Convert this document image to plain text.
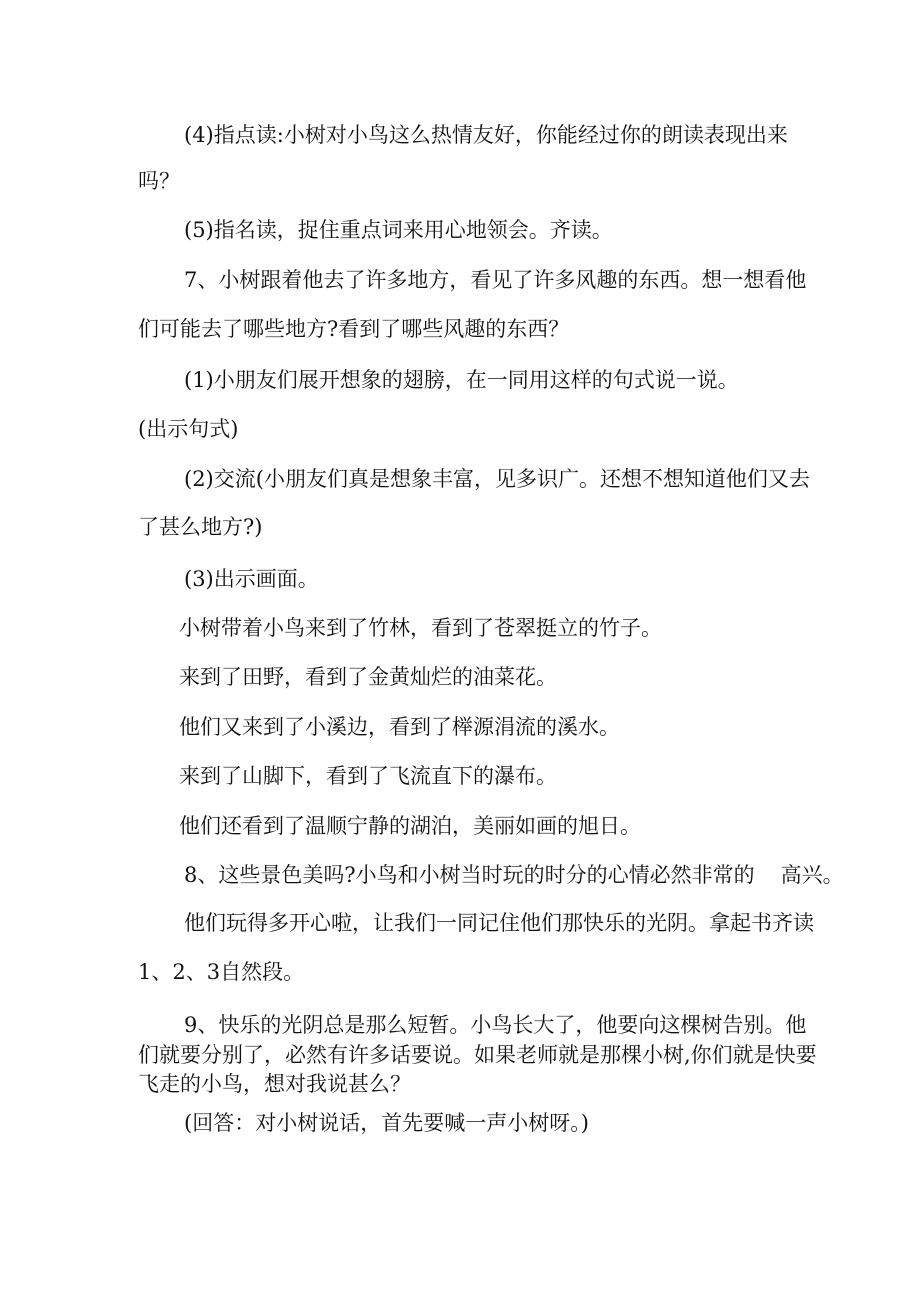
(4)指点读:小树对小鸟这么热情友好，你能经过你的朗读表现出来
吗？
(5)指名读，捉住重点词来用心地领会。齐读。
7、小树跟着他去了许多地方，看见了许多风趣的东西。想一想看他
们可能去了哪些地方?看到了哪些风趣的东西？
(1)小朋友们展开想象的翅膀，在一同用这样的句式说一说。
(出示句式)
(2)交流(小朋友们真是想象丰富，见多识广。还想不想知道他们又去
了甚么地方?)
(3)出示画面。
小树带着小鸟来到了竹林，看到了苍翠挺立的竹子。
来到了田野，看到了金黄灿烂的油菜花。
他们又来到了小溪边，看到了榉源涓流的溪水。
来到了山脚下，看到了飞流直下的瀑布。
他们还看到了温顺宁静的湖泊，美丽如画的旭日。
8、这些景色美吗?小鸟和小树当时玩的时分的心情必然非常的 高兴。
他们玩得多开心啦，让我们一同记住他们那快乐的光阴。拿起书齐读
1、2、3自然段。
9、快乐的光阴总是那么短暂。小鸟长大了，他要向这棵树告别。他
们就要分别了，必然有许多话要说。如果老师就是那棵小树,你们就是快要
飞走的小鸟，想对我说甚么？
(回答：对小树说话，首先要喊一声小树呀。)
